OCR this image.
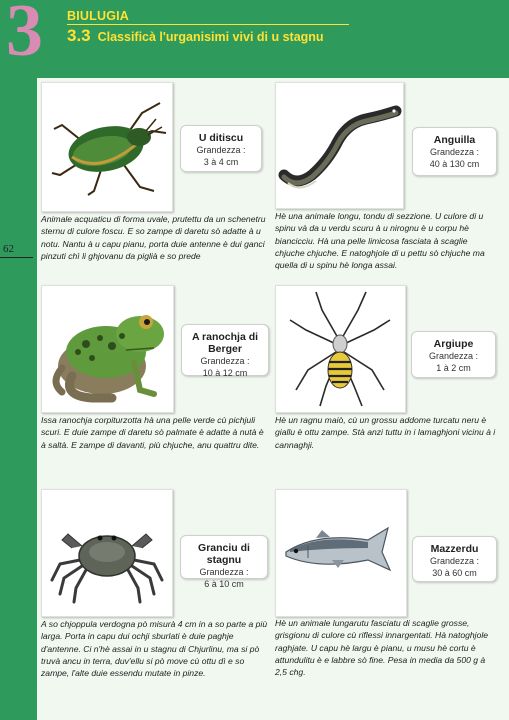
3 BIULUGIA
3.3 Classificà l'urganisimi vivi di u stagnu
62
U ditiscu
Grandezza :
3 à 4 cm
Animale acquaticu di forma uvale, prutettu da un schenetru sternu di culore foscu. E so zampe di daretu sò adatte à u notu. Nantu à u capu pianu, porta duie antenne è dui ganci pinzuti chì li ghjovanu da piglià e so prede
Anguilla
Grandezza :
40 à 130 cm
Hè una animale longu, tondu di sezzione. U culore di u spinu và da u verdu scuru à u nirognu è u corpu hè biancicciu. Hà una pelle limicosa fasciata à scaglie chjuche chjuche. E natoghjole di u pettu sò chjuche ma quella di u spinu hè longa assai.
A ranochja di Berger
Grandezza :
10 à 12 cm
Issa ranochja corpiturzotta hà una pelle verde cù pichjuli scuri. E duie zampe di daretu sò palmate è adatte à nutà è à saltà. E zampe di davanti, più chjuche, anu quattru dite.
Argiupe
Grandezza :
1 à 2 cm
Hè un ragnu maiò, cù un grossu addome turcatu neru è giallu è ottu zampe. Stà anzi tuttu in i lamaghjoni vicinu à i cannaghji.
Granciu di stagnu
Grandezza :
6 à 10 cm
A so chjoppula verdogna pò misurà 4 cm in a so parte a più larga. Porta in capu dui ochji sburlati è duie paghje d'antenne. Ci n'hè assai in u stagnu di Chjurlinu, ma si pò truvà ancu in terra, duv'ellu si pò move cù ottu dì e so zampe, l'alte duie essendu mutate in pinze.
Mazzerdu
Grandezza :
30 à 60 cm
Hè un animale lungarutu fasciatu di scaglie grosse, grisgionu di culore cù riflessi innargentati. Hà natoghjole raghjate. U capu hè largu è pianu, u musu hè cortu è attundulitu è e labbre sò fine. Pesa in media da 500 g à 2,5 chg.
